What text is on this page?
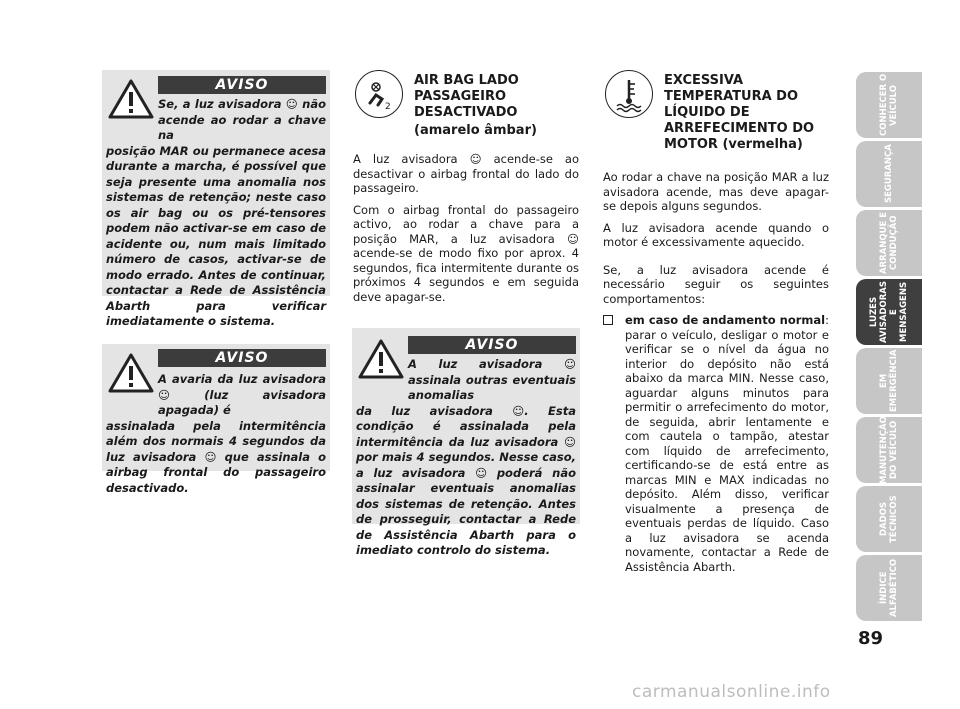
AVISO
Se, a luz avisadora ☺ não acende ao rodar a chave na
posição MAR ou permanece acesa durante a marcha, é possível que seja presente uma anomalia nos sistemas de retenção; neste caso os air bag ou os pré-tensores podem não activar-se em caso de acidente ou, num mais limitado número de casos, activar-se de modo errado. Antes de continuar, contactar a Rede de Assistência Abarth para verificar imediatamente o sistema.
AVISO
A avaria da luz avisadora ☺ (luz avisadora apagada) é
assinalada pela intermitência além dos normais 4 segundos da luz avisadora ☺ que assinala o airbag frontal do passageiro desactivado.
2
AIR BAG LADO PASSAGEIRO DESACTIVADO
(amarelo âmbar)

A luz avisadora ☺ acende-se ao desactivar o airbag frontal do lado do passageiro.

Com o airbag frontal do passageiro activo, ao rodar a chave para a posição MAR, a luz avisadora ☺ acende-se de modo fixo por aprox. 4 segundos, fica intermitente durante os próximos 4 segundos e em seguida deve apagar-se.

AVISO
A luz avisadora ☺ assinala outras eventuais anomalias
da luz avisadora ☺. Esta condição é assinalada pela intermitência da luz avisadora ☺ por mais 4 segundos. Nesse caso, a luz avisadora ☺ poderá não assinalar eventuais anomalias dos sistemas de retenção. Antes de prosseguir, contactar a Rede de Assistência Abarth para o imediato controlo do sistema.
EXCESSIVA TEMPERATURA DO LÍQUIDO DE ARREFECIMENTO DO MOTOR (vermelha)

Ao rodar a chave na posição MAR a luz avisadora acende, mas deve apagar-se depois alguns segundos.

A luz avisadora acende quando o motor é excessivamente aquecido.

Se, a luz avisadora acende é necessário seguir os seguintes comportamentos:

em caso de andamento normal: parar o veículo, desligar o motor e verificar se o nível da água no interior do depósito não está abaixo da marca MIN. Nesse caso, aguardar alguns minutos para permitir o arrefecimento do motor, de seguida, abrir lentamente e com cautela o tampão, atestar com líquido de arrefecimento, certificando-se de está entre as marcas MIN e MAX indicadas no depósito. Além disso, verificar visualmente a presença de eventuais perdas de líquido. Caso a luz avisadora se acenda novamente, contactar a Rede de Assistência Abarth.
CONHECER O VEÍCULO
SEGURANÇA
ARRANQUE E CONDUÇÃO
LUZES AVISADORAS E MENSAGENS
EM EMERGÊNCIA
MANUTENÇÃO DO VEÍCULO
DADOS TÉCNICOS
ÍNDICE ALFABÉTICO
89
carmanualsonline.info
